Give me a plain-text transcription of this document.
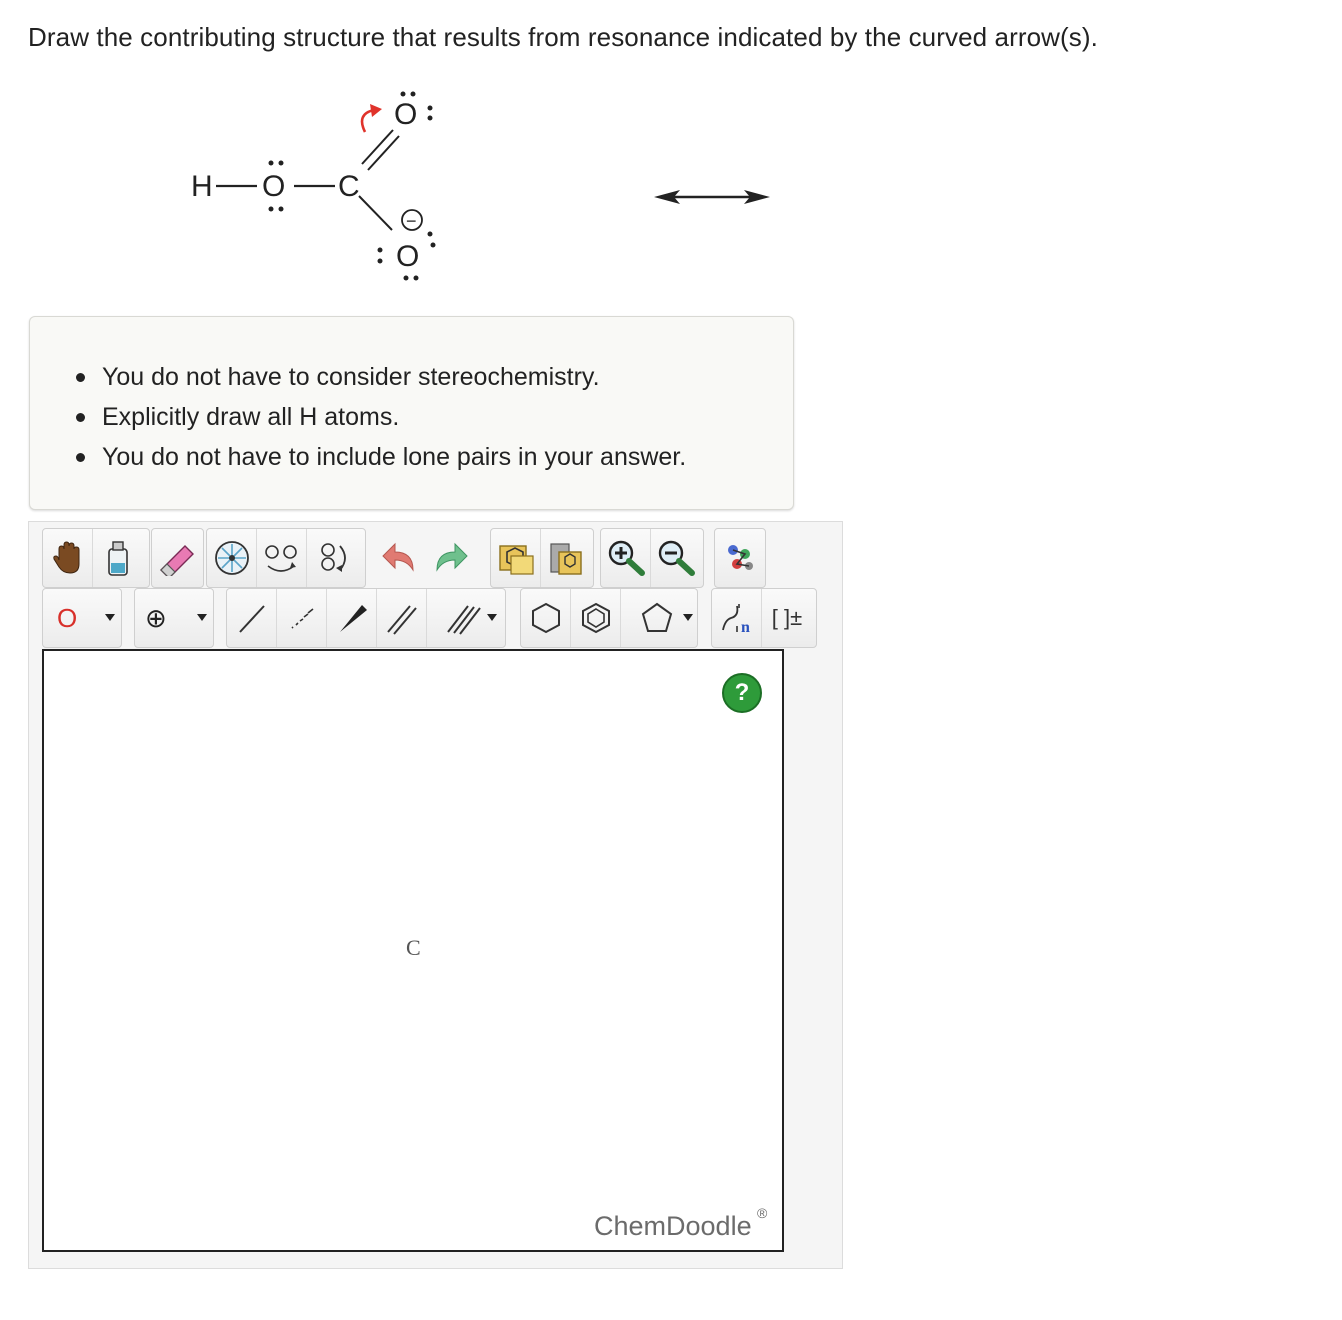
Draw the contributing structure that results from resonance indicated by the curved arrow(s).
H O C
O
O
−
You do not have to consider stereochemistry.
Explicitly draw all H atoms.
You do not have to include lone pairs in your answer.
O	⊕	n [ ]±
?
C
ChemDoodle ®
